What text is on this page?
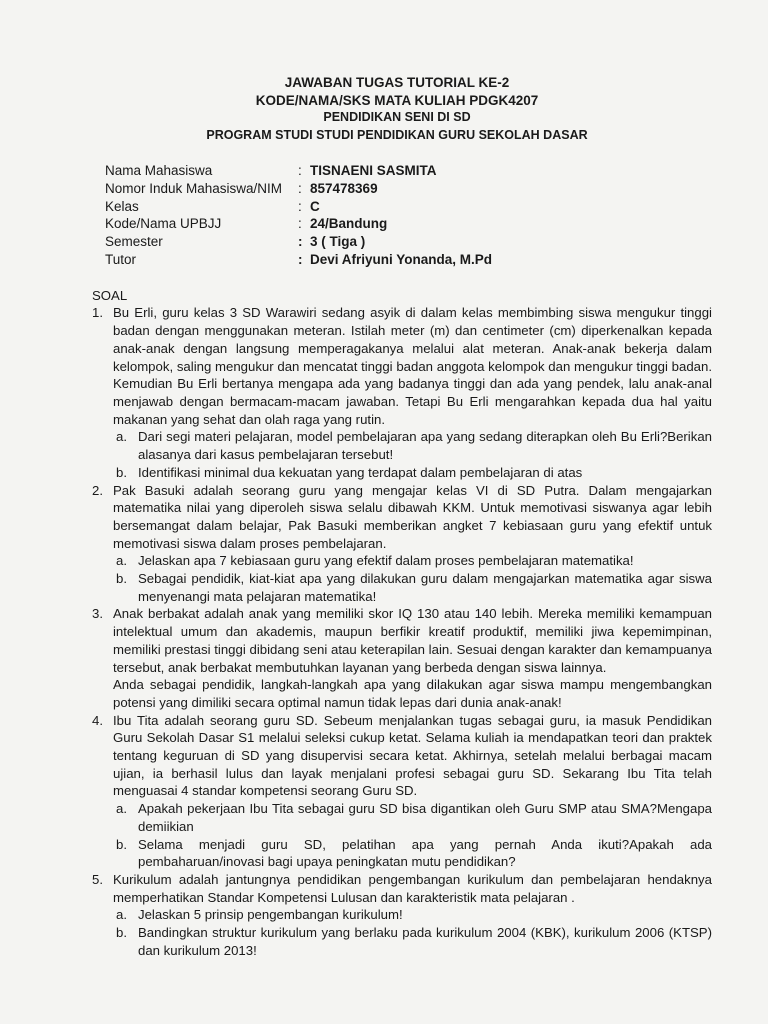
JAWABAN TUGAS TUTORIAL KE-2
KODE/NAMA/SKS MATA KULIAH PDGK4207
PENDIDIKAN SENI DI SD
PROGRAM STUDI STUDI PENDIDIKAN GURU SEKOLAH DASAR
Nama Mahasiswa	: TISNAENI SASMITA
Nomor Induk Mahasiswa/NIM	: 857478369
Kelas	: C
Kode/Nama UPBJJ	: 24/Bandung
Semester	: 3 ( Tiga )
Tutor	: Devi Afriyuni Yonanda, M.Pd
SOAL
1. Bu Erli, guru kelas 3 SD Warawiri sedang asyik di dalam kelas membimbing siswa mengukur tinggi badan dengan menggunakan meteran. Istilah meter (m) dan centimeter (cm) diperkenalkan kepada anak-anak dengan langsung memperagakanya melalui alat meteran. Anak-anak bekerja dalam kelompok, saling mengukur dan mencatat tinggi badan anggota kelompok dan mengukur tinggi badan. Kemudian Bu Erli bertanya mengapa ada yang badanya tinggi dan ada yang pendek, lalu anak-anal menjawab dengan bermacam-macam jawaban. Tetapi Bu Erli mengarahkan kepada dua hal yaitu makanan yang sehat dan olah raga yang rutin.

a. Dari segi materi pelajaran, model pembelajaran apa yang sedang diterapkan oleh Bu Erli?Berikan alasanya dari kasus pembelajaran tersebut!

b. Identifikasi minimal dua kekuatan yang terdapat dalam pembelajaran di atas

2. Pak Basuki adalah seorang guru yang mengajar kelas VI di SD Putra. Dalam mengajarkan matematika nilai yang diperoleh siswa selalu dibawah KKM. Untuk memotivasi siswanya agar lebih bersemangat dalam belajar, Pak Basuki memberikan angket 7 kebiasaan guru yang efektif untuk memotivasi siswa dalam proses pembelajaran.

a. Jelaskan apa 7 kebiasaan guru yang efektif dalam proses pembelajaran matematika!

b. Sebagai pendidik, kiat-kiat apa yang dilakukan guru dalam mengajarkan matematika agar siswa menyenangi mata pelajaran matematika!

3. Anak berbakat adalah anak yang memiliki skor IQ 130 atau 140 lebih. Mereka memiliki kemampuan intelektual umum dan akademis, maupun berfikir kreatif produktif, memiliki jiwa kepemimpinan, memiliki prestasi tinggi dibidang seni atau keterapilan lain. Sesuai dengan karakter dan kemampuanya tersebut, anak berbakat membutuhkan layanan yang berbeda dengan siswa lainnya.

Anda sebagai pendidik, langkah-langkah apa yang dilakukan agar siswa mampu mengembangkan potensi yang dimiliki secara optimal namun tidak lepas dari dunia anak-anak!

4. Ibu Tita adalah seorang guru SD. Sebeum menjalankan tugas sebagai guru, ia masuk Pendidikan Guru Sekolah Dasar S1 melalui seleksi cukup ketat. Selama kuliah ia mendapatkan teori dan praktek tentang keguruan di SD yang disupervisi secara ketat. Akhirnya, setelah melalui berbagai macam ujian, ia berhasil lulus dan layak menjalani profesi sebagai guru SD. Sekarang Ibu Tita telah menguasai 4 standar kompetensi seorang Guru SD.

a. Apakah pekerjaan Ibu Tita sebagai guru SD bisa digantikan oleh Guru SMP atau SMA?Mengapa demiikian

b. Selama menjadi guru SD, pelatihan apa yang pernah Anda ikuti?Apakah ada pembaharuan/inovasi bagi upaya peningkatan mutu pendidikan?

5. Kurikulum adalah jantungnya pendidikan pengembangan kurikulum dan pembelajaran hendaknya memperhatikan Standar Kompetensi Lulusan dan karakteristik mata pelajaran .

a. Jelaskan 5 prinsip pengembangan kurikulum!

b. Bandingkan struktur kurikulum yang berlaku pada kurikulum 2004 (KBK), kurikulum 2006 (KTSP) dan kurikulum 2013!
